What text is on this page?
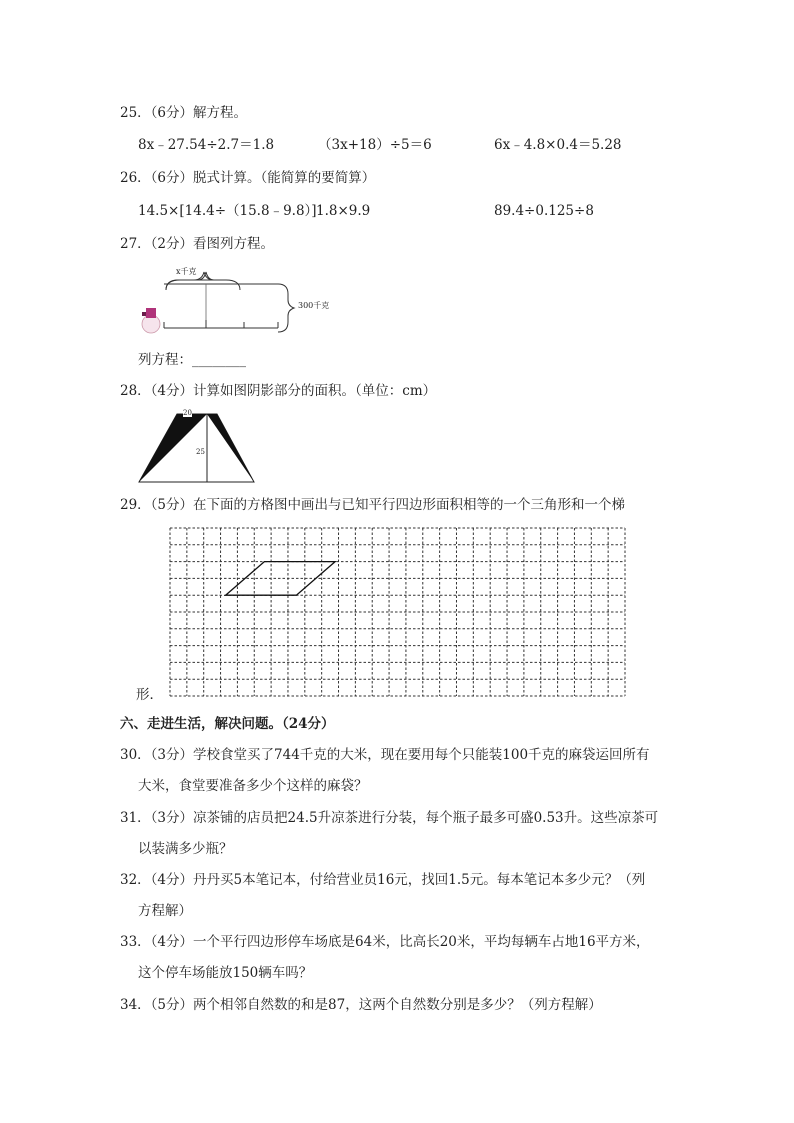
25．（6分）解方程。
8x﹣27.54÷2.7＝1.8	（3x+18）÷5＝6	6x﹣4.8×0.4＝5.28
26．（6分）脱式计算。（能简算的要简算）
14.5×[14.4÷（15.8﹣9.8）] 1.8×9.9	89.4÷0.125÷8
27．（2分）看图列方程。
x千克
300千克
列方程：________
28．（4分）计算如图阴影部分的面积。（单位：cm）
20
25
29．（5分）在下面的方格图中画出与已知平行四边形面积相等的一个三角形和一个梯
形．
六、走进生活，解决问题。（24分）
30．（3分）学校食堂买了744千克的大米，现在要用每个只能装100千克的麻袋运回所有
大米，食堂要准备多少个这样的麻袋？
31．（3分）凉茶铺的店员把24.5升凉茶进行分装，每个瓶子最多可盛0.53升。这些凉茶可
以装满多少瓶？
32．（4分）丹丹买5本笔记本，付给营业员16元，找回1.5元。每本笔记本多少元？（列
方程解）
33．（4分）一个平行四边形停车场底是64米，比高长20米，平均每辆车占地16平方米，
这个停车场能放150辆车吗？
34．（5分）两个相邻自然数的和是87，这两个自然数分别是多少？（列方程解）
